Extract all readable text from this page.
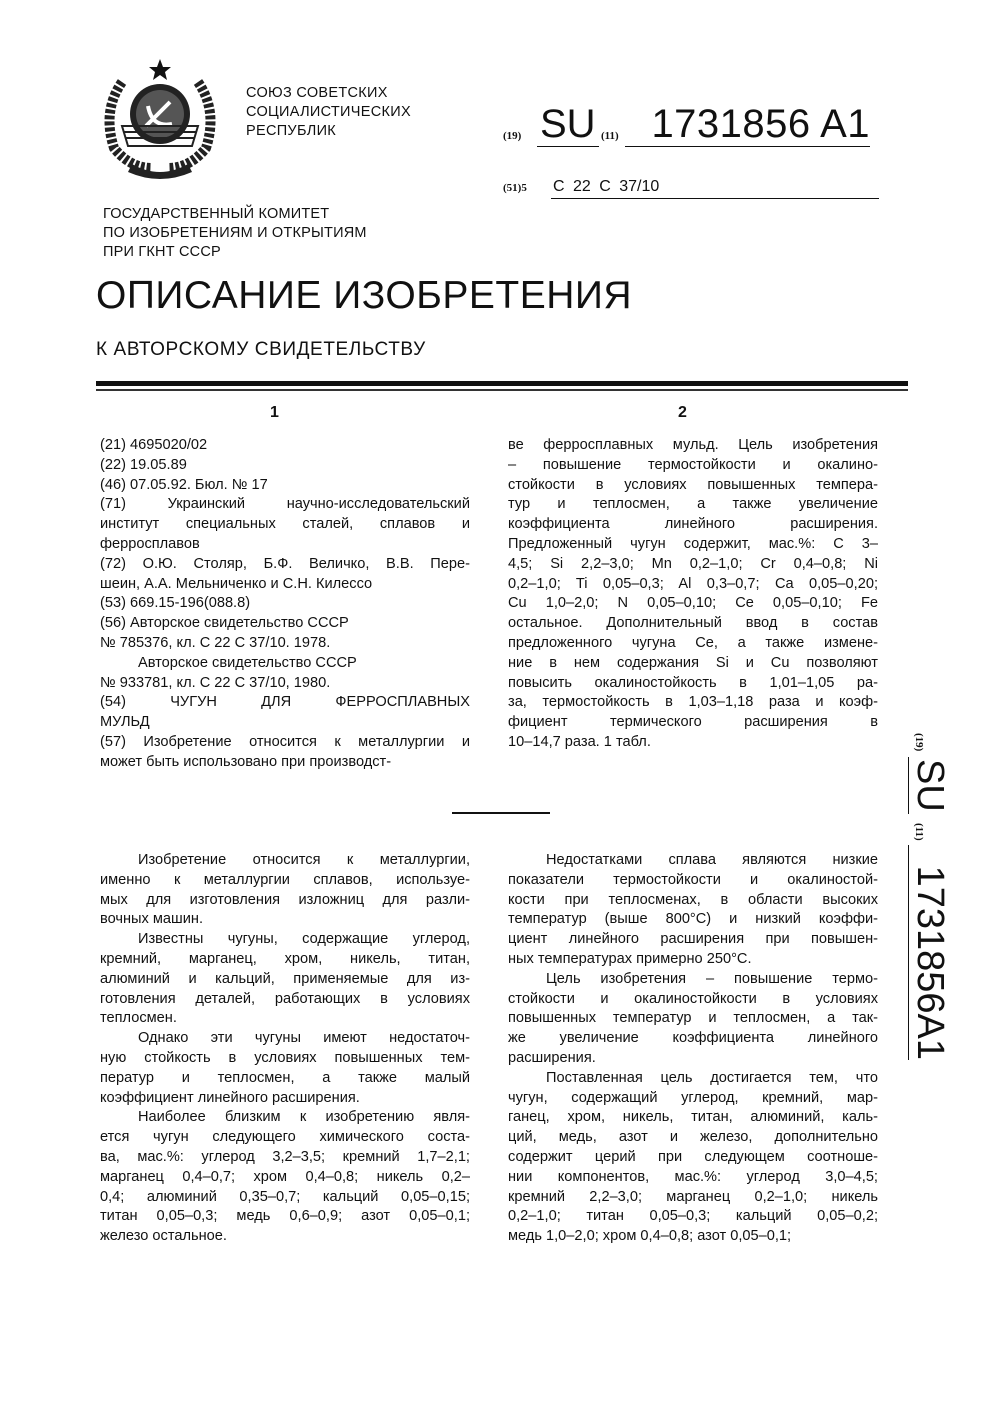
СОЮЗ СОВЕТСКИХ
СОЦИАЛИСТИЧЕСКИХ
РЕСПУБЛИК
ГОСУДАРСТВЕННЫЙ КОМИТЕТ
ПО ИЗОБРЕТЕНИЯМ И ОТКРЫТИЯМ
ПРИ ГКНТ СССР
(19) SU (11) 1731856 A1
(51)5 C 22 C 37/10
ОПИСАНИЕ ИЗОБРЕТЕНИЯ
К АВТОРСКОМУ СВИДЕТЕЛЬСТВУ
1	2
(21) 4695020/02
(22) 19.05.89
(46) 07.05.92. Бюл. № 17
(71) Украинский научно-исследовательский
институт специальных сталей, сплавов и
ферросплавов
(72) О.Ю. Столяр, Б.Ф. Величко, В.В. Пере-
шеин, А.А. Мельниченко и С.Н. Килессо
(53) 669.15-196(088.8)
(56) Авторское свидетельство СССР
№ 785376, кл. С 22 С 37/10. 1978.
Авторское свидетельство СССР
№ 933781, кл. С 22 С 37/10, 1980.
(54) ЧУГУН ДЛЯ ФЕРРОСПЛАВНЫХ
МУЛЬД
(57) Изобретение относится к металлургии и
может быть использовано при производст-
ве ферросплавных мульд. Цель изобретения
– повышение термостойкости и окалино-
стойкости в условиях повышенных темпера-
тур и теплосмен, а также увеличение
коэффициента линейного расширения.
Предложенный чугун содержит, мас.%: С 3–
4,5; Si 2,2–3,0; Mn 0,2–1,0; Cr 0,4–0,8; Ni
0,2–1,0; Ti 0,05–0,3; Al 0,3–0,7; Ca 0,05–0,20;
Cu 1,0–2,0; N 0,05–0,10; Ce 0,05–0,10; Fe
остальное. Дополнительный ввод в состав
предложенного чугуна Се, а также измене-
ние в нем содержания Si и Cu позволяют
повысить окалиностойкость в 1,01–1,05 ра-
за, термостойкость в 1,03–1,18 раза и коэф-
фициент термического расширения в
10–14,7 раза. 1 табл.
Изобретение относится к металлургии,
именно к металлургии сплавов, используе-
мых для изготовления изложниц для разли-
вочных машин.
Известны чугуны, содержащие углерод,
кремний, марганец, хром, никель, титан,
алюминий и кальций, применяемые для из-
готовления деталей, работающих в условиях
теплосмен.
Однако эти чугуны имеют недостаточ-
ную стойкость в условиях повышенных тем-
ператур и теплосмен, а также малый
коэффициент линейного расширения.
Наиболее близким к изобретению явля-
ется чугун следующего химического соста-
ва, мас.%: углерод 3,2–3,5; кремний 1,7–2,1;
марганец 0,4–0,7; хром 0,4–0,8; никель 0,2–
0,4; алюминий 0,35–0,7; кальций 0,05–0,15;
титан 0,05–0,3; медь 0,6–0,9; азот 0,05–0,1;
железо остальное.
Недостатками сплава являются низкие
показатели термостойкости и окалиностой-
кости при теплосменах, в области высоких
температур (выше 800°С) и низкий коэффи-
циент линейного расширения при повышен-
ных температурах примерно 250°С.
Цель изобретения – повышение термо-
стойкости и окалиностойкости в условиях
повышенных температур и теплосмен, а так-
же увеличение коэффициента линейного
расширения.
Поставленная цель достигается тем, что
чугун, содержащий углерод, кремний, мар-
ганец, хром, никель, титан, алюминий, каль-
ций, медь, азот и железо, дополнительно
содержит церий при следующем соотноше-
нии компонентов, мас.%: углерод 3,0–4,5;
кремний 2,2–3,0; марганец 0,2–1,0; никель
0,2–1,0; титан 0,05–0,3; кальций 0,05–0,2;
медь 1,0–2,0; хром 0,4–0,8; азот 0,05–0,1;
(19)
SU
(11)
1731856A1
